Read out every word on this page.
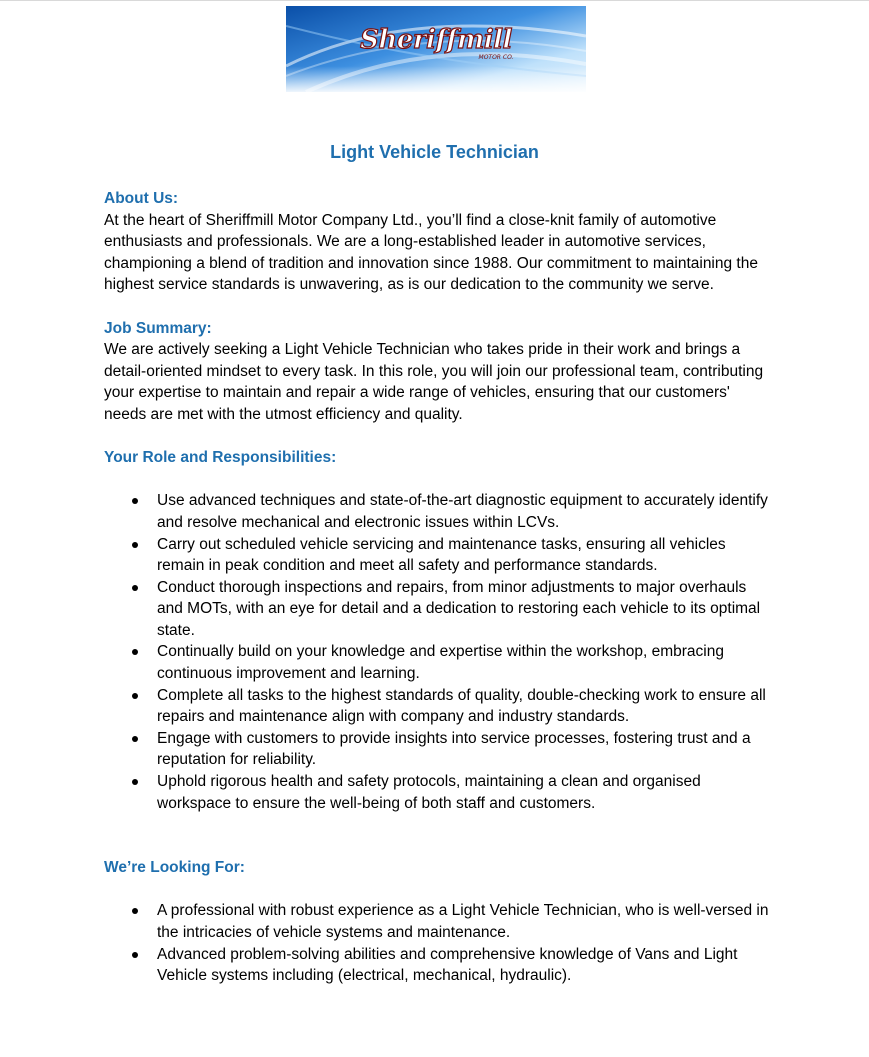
Sheriffmill
MOTOR CO.
Light Vehicle Technician

About Us:

At the heart of Sheriffmill Motor Company Ltd., you’ll find a close-knit family of automotive enthusiasts and professionals. We are a long-established leader in automotive services, championing a blend of tradition and innovation since 1988. Our commitment to maintaining the highest service standards is unwavering, as is our dedication to the community we serve.

Job Summary:

We are actively seeking a Light Vehicle Technician who takes pride in their work and brings a detail-oriented mindset to every task. In this role, you will join our professional team, contributing your expertise to maintain and repair a wide range of vehicles, ensuring that our customers' needs are met with the utmost efficiency and quality.

Your Role and Responsibilities:

Use advanced techniques and state-of-the-art diagnostic equipment to accurately identify and resolve mechanical and electronic issues within LCVs.
Carry out scheduled vehicle servicing and maintenance tasks, ensuring all vehicles remain in peak condition and meet all safety and performance standards.
Conduct thorough inspections and repairs, from minor adjustments to major overhauls and MOTs, with an eye for detail and a dedication to restoring each vehicle to its optimal state.
Continually build on your knowledge and expertise within the workshop, embracing continuous improvement and learning.
Complete all tasks to the highest standards of quality, double-checking work to ensure all repairs and maintenance align with company and industry standards.
Engage with customers to provide insights into service processes, fostering trust and a reputation for reliability.
Uphold rigorous health and safety protocols, maintaining a clean and organised workspace to ensure the well-being of both staff and customers.

We’re Looking For:

A professional with robust experience as a Light Vehicle Technician, who is well-versed in the intricacies of vehicle systems and maintenance.
Advanced problem-solving abilities and comprehensive knowledge of Vans and Light Vehicle systems including (electrical, mechanical, hydraulic).
